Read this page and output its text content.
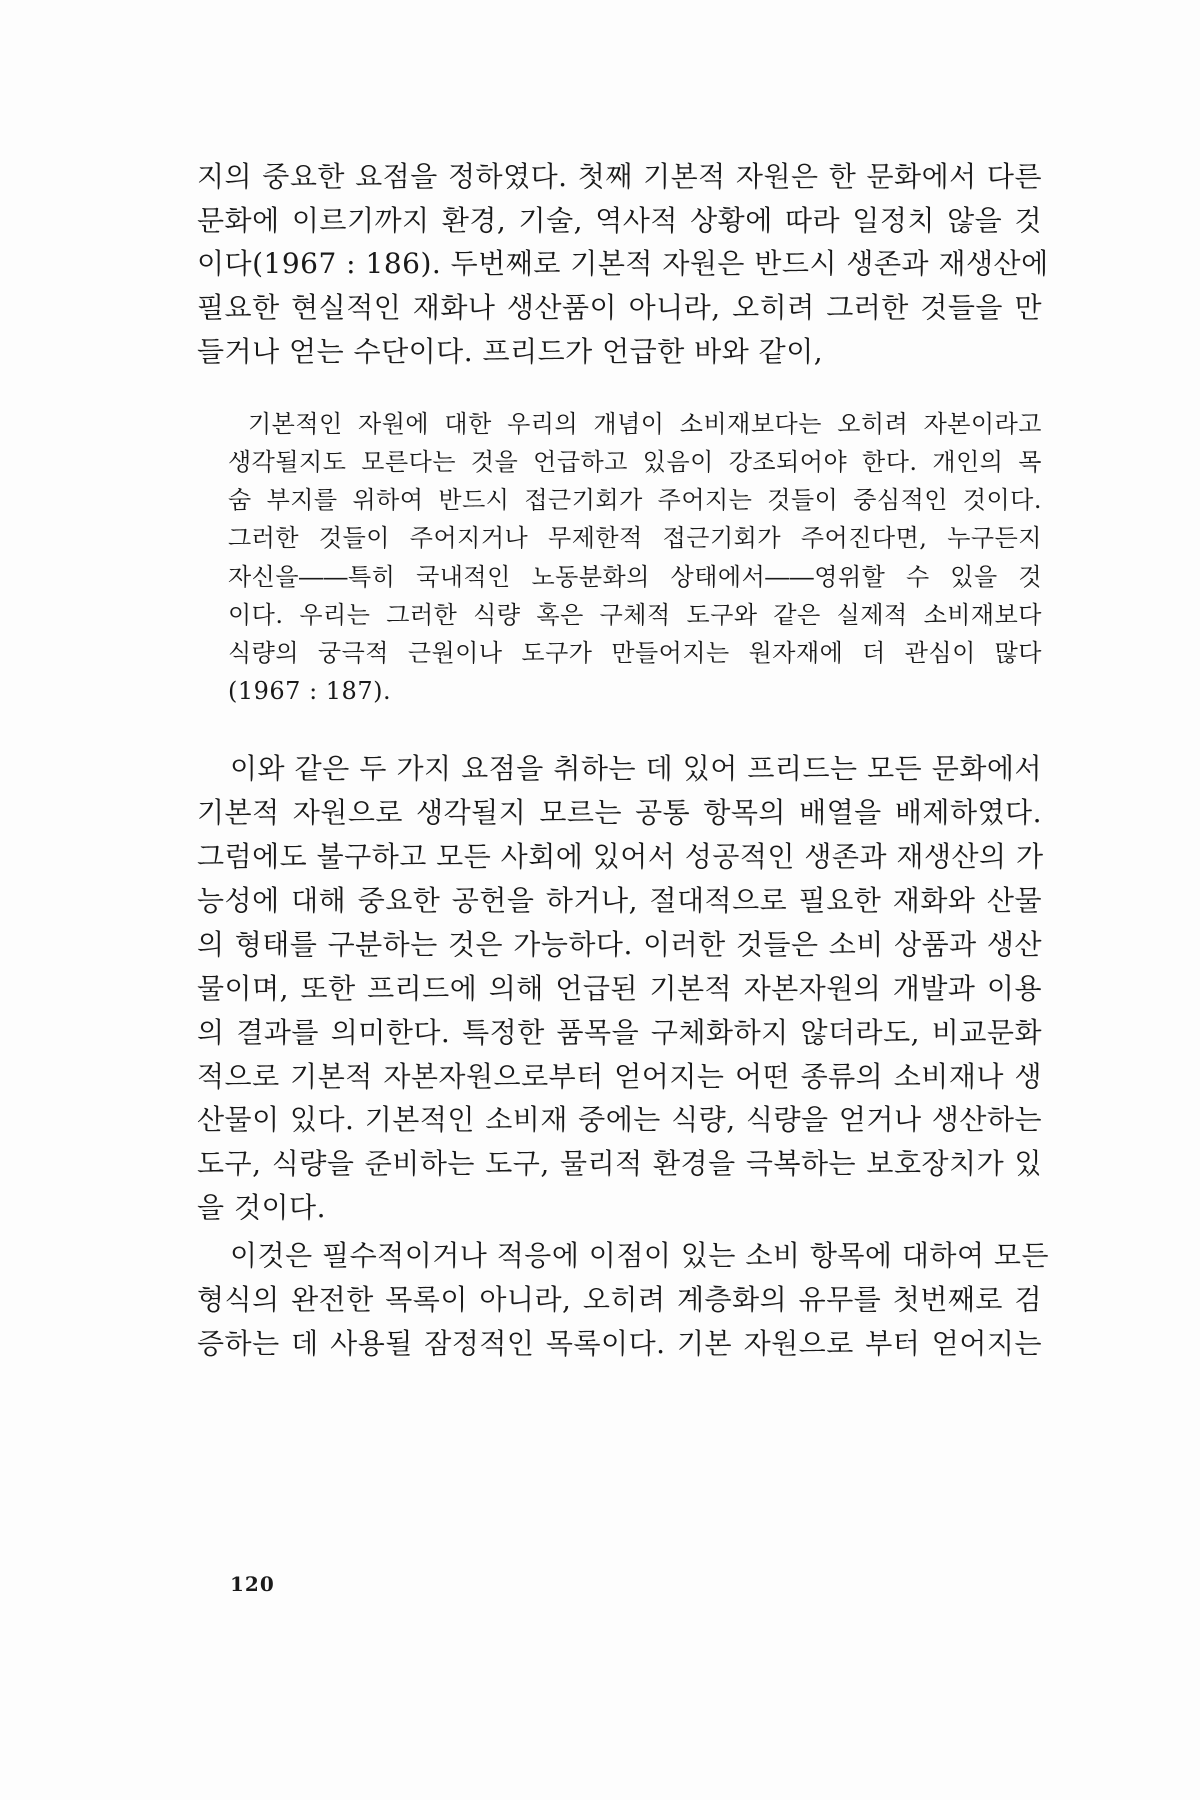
지의 중요한 요점을 정하였다. 첫째 기본적 자원은 한 문화에서 다른
문화에 이르기까지 환경, 기술, 역사적 상황에 따라 일정치 않을 것
이다(1967 : 186). 두번째로 기본적 자원은 반드시 생존과 재생산에
필요한 현실적인 재화나 생산품이 아니라, 오히려 그러한 것들을 만
들거나 얻는 수단이다. 프리드가 언급한 바와 같이,
기본적인 자원에 대한 우리의 개념이 소비재보다는 오히려 자본이라고
생각될지도 모른다는 것을 언급하고 있음이 강조되어야 한다. 개인의 목
숨 부지를 위하여 반드시 접근기회가 주어지는 것들이 중심적인 것이다.
그러한 것들이 주어지거나 무제한적 접근기회가 주어진다면, 누구든지
자신을――특히 국내적인 노동분화의 상태에서――영위할 수 있을 것
이다. 우리는 그러한 식량 혹은 구체적 도구와 같은 실제적 소비재보다
식량의 궁극적 근원이나 도구가 만들어지는 원자재에 더 관심이 많다
(1967 : 187).
이와 같은 두 가지 요점을 취하는 데 있어 프리드는 모든 문화에서
기본적 자원으로 생각될지 모르는 공통 항목의 배열을 배제하였다.
그럼에도 불구하고 모든 사회에 있어서 성공적인 생존과 재생산의 가
능성에 대해 중요한 공헌을 하거나, 절대적으로 필요한 재화와 산물
의 형태를 구분하는 것은 가능하다. 이러한 것들은 소비 상품과 생산
물이며, 또한 프리드에 의해 언급된 기본적 자본자원의 개발과 이용
의 결과를 의미한다. 특정한 품목을 구체화하지 않더라도, 비교문화
적으로 기본적 자본자원으로부터 얻어지는 어떤 종류의 소비재나 생
산물이 있다. 기본적인 소비재 중에는 식량, 식량을 얻거나 생산하는
도구, 식량을 준비하는 도구, 물리적 환경을 극복하는 보호장치가 있
을 것이다.
이것은 필수적이거나 적응에 이점이 있는 소비 항목에 대하여 모든
형식의 완전한 목록이 아니라, 오히려 계층화의 유무를 첫번째로 검
증하는 데 사용될 잠정적인 목록이다. 기본 자원으로 부터 얻어지는
120
